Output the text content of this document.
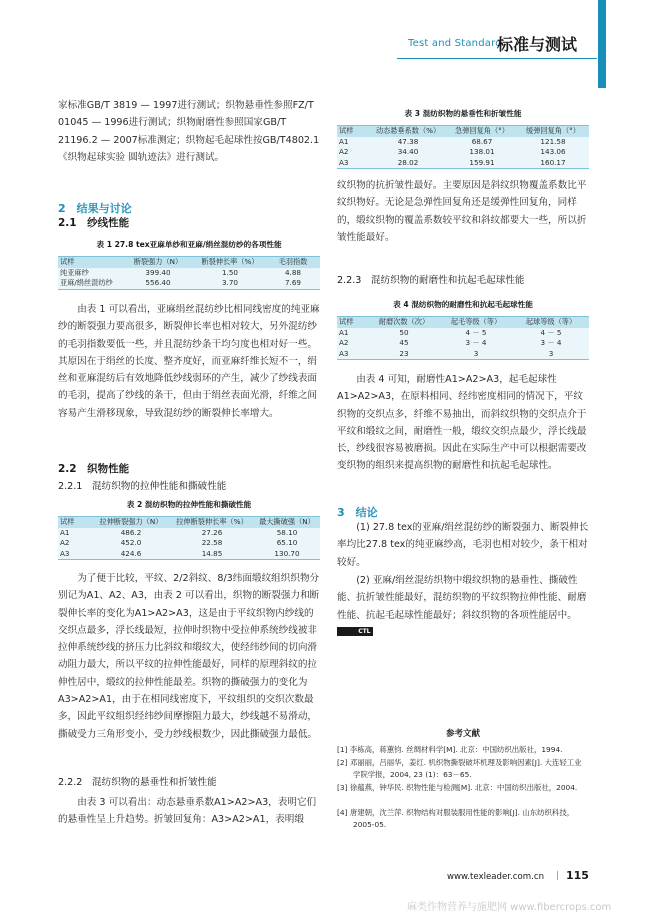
Test and Standard
标准与测试
家标准GB/T 3819 — 1997进行测试；织物悬垂性参照FZ/T 01045 — 1996进行测试；织物耐磨性参照国家GB/T 21196.2 — 2007标准测定；织物起毛起球性按GB/T4802.1《织物起球实验 圆轨迹法》进行测试。
2　结果与讨论
2.1　纱线性能
表 1 27.8 tex亚麻单纱和亚麻/绢丝混纺纱的各项性能
试样	断裂强力（N）	断裂伸长率（%）	毛羽指数
纯亚麻纱	399.40	1.50	4.88
亚麻/绢丝混纺纱	556.40	3.70	7.69
由表 1 可以看出，亚麻绢丝混纺纱比相同线密度的纯亚麻纱的断裂强力要高很多，断裂伸长率也相对较大，另外混纺纱的毛羽指数要低一些，并且混纺纱条干均匀度也相对好一些。其原因在于绢丝的长度、整齐度好，而亚麻纤维长短不一，绢丝和亚麻混纺后有效地降低纱线弱环的产生，减少了纱线表面的毛羽，提高了纱线的条干，但由于绢丝表面光滑，纤维之间容易产生滑移现象，导致混纺纱的断裂伸长率增大。
2.2　织物性能
2.2.1　混纺织物的拉伸性能和撕破性能
表 2 混纺织物的拉伸性能和撕破性能
试样	拉伸断裂强力（N）	拉伸断裂伸长率（%）	最大撕破强（N）
A1	486.2	27.26	58.10
A2	452.0	22.58	65.10
A3	424.6	14.85	130.70
为了便于比较，平纹、2/2斜纹、8/3纬面缎纹组织织物分别记为A1、A2、A3，由表 2 可以看出，织物的断裂强力和断裂伸长率的变化为A1>A2>A3，这是由于平纹织物内纱线的交织点最多，浮长线最短，拉伸时织物中受拉伸系统纱线被非拉伸系统纱线的挤压力比斜纹和缎纹大，使经纬纱间的切向滑动阻力最大，所以平纹的拉伸性能最好，同样的原理斜纹的拉伸性居中，缎纹的拉伸性能最差。织物的撕破强力的变化为A3>A2>A1，由于在相同线密度下，平纹组织的交织次数最多，因此平纹组织经纬纱间摩擦阻力最大，纱线越不易滑动，撕破受力三角形变小，受力纱线根数少，因此撕破强力最低。
2.2.2　混纺织物的悬垂性和折皱性能
由表 3 可以看出：动态悬垂系数A1>A2>A3，表明它们的悬垂性呈上升趋势。折皱回复角：A3>A2>A1，表明缎
表 3 混纺织物的悬垂性和折皱性能
试样	动态悬垂系数（%）	急弹回复角（°）	缓弹回复角（°）
A1	47.38	68.67	121.58
A2	34.40	138.01	143.06
A3	28.02	159.91	160.17
纹织物的抗折皱性最好。主要原因是斜纹织物覆盖系数比平纹织物好。无论是急弹性回复角还是缓弹性回复角，同样的，缎纹织物的覆盖系数较平纹和斜纹都要大一些，所以折皱性能最好。
2.2.3　混纺织物的耐磨性和抗起毛起球性能
表 4 混纺织物的耐磨性和抗起毛起球性能
试样	耐磨次数（次）	起毛等级（等）	起球等级（等）
A1	50	4 － 5	4 － 5
A2	45	3 － 4	3 － 4
A3	23	3	3
由表 4 可知，耐磨性A1>A2>A3，起毛起球性A1>A2>A3，在原料相同、经纬密度相同的情况下，平纹织物的交织点多，纤维不易抽出，而斜纹织物的交织点介于平纹和缎纹之间，耐磨性一般，缎纹交织点最少，浮长线最长，纱线很容易被磨损。因此在实际生产中可以根据需要改变织物的组织来提高织物的耐磨性和抗起毛起球性。
3　结论
(1) 27.8 tex的亚麻/绢丝混纺纱的断裂强力、断裂伸长率均比27.8 tex的纯亚麻纱高，毛羽也相对较少，条干相对较好。
(2) 亚麻/绢丝混纺织物中缎纹织物的悬垂性、撕破性能、抗折皱性能最好，混纺织物的平纹织物拉伸性能、耐磨性能、抗起毛起球性能最好；斜纹织物的各项性能居中。 CTL
参考文献
[1] 李栋高，蒋蕙钧. 丝绸材料学[M]. 北京：中国纺织出版社，1994.
[2] 邓丽丽，吕丽华，姜红. 机织物撕裂破坏机理及影响因素[J]. 大连轻工业学院学报，2004, 23 (1)：63－65.
[3] 徐蕴燕，钟华民. 织物性能与检测[M]. 北京：中国纺织出版社，2004.
[4] 唐建朝，沈兰萍. 织物结构对服装服用性能的影响[J]. 山东纺织科技，2005-05.
www.texleader.com.cn | 115
麻类作物营养与施肥网 www.fibercrops.com
